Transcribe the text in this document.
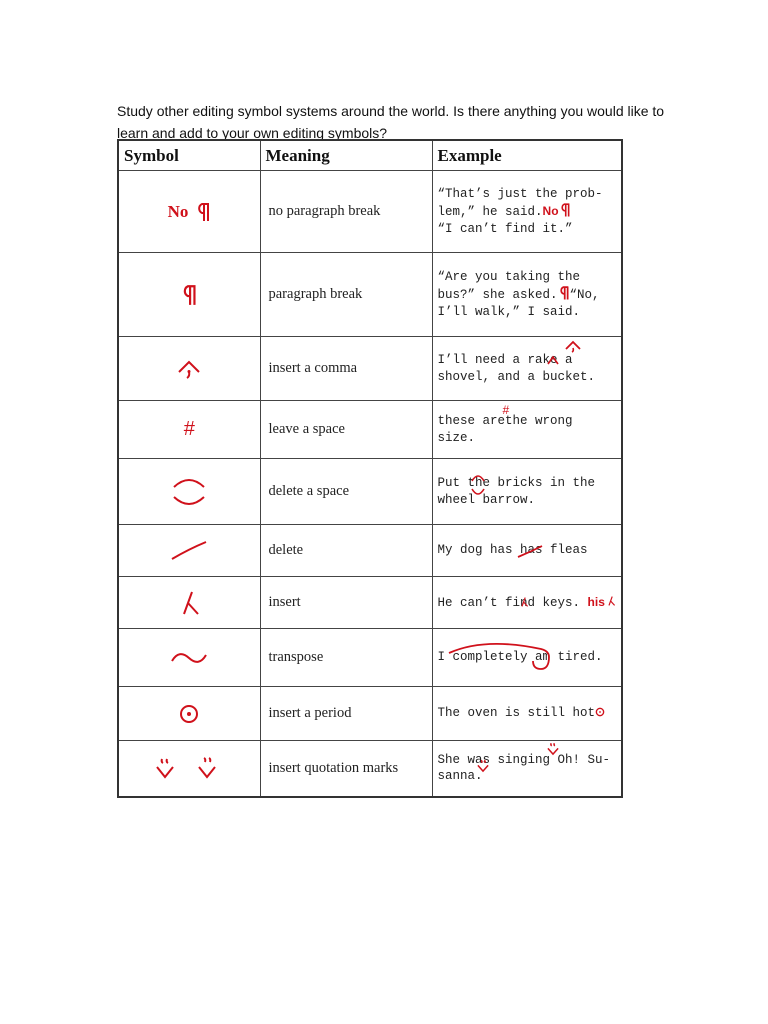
Study other editing symbol systems around the world. Is there anything you would like to learn and add to your own editing symbols?

Symbol	Meaning	Example
No	no paragraph break	“That’s just the prob-
lem,” he said.No
“I can’t find it.”

	paragraph break	“Are you taking the
bus?” she asked. “No,
I’ll walk,” I said.

	insert a comma	I’ll need a rake a
shovel, and a bucket.

#	leave a space	these arethe wrong
size.
#

	delete a space	Put the bricks in the
wheel barrow.

	delete	My dog has has fleas

	insert	He can’t find keys. his

	transpose	I completely am tired.

	insert a period	The oven is still hot

	insert quotation marks	She was singing Oh! Su-
sanna.
